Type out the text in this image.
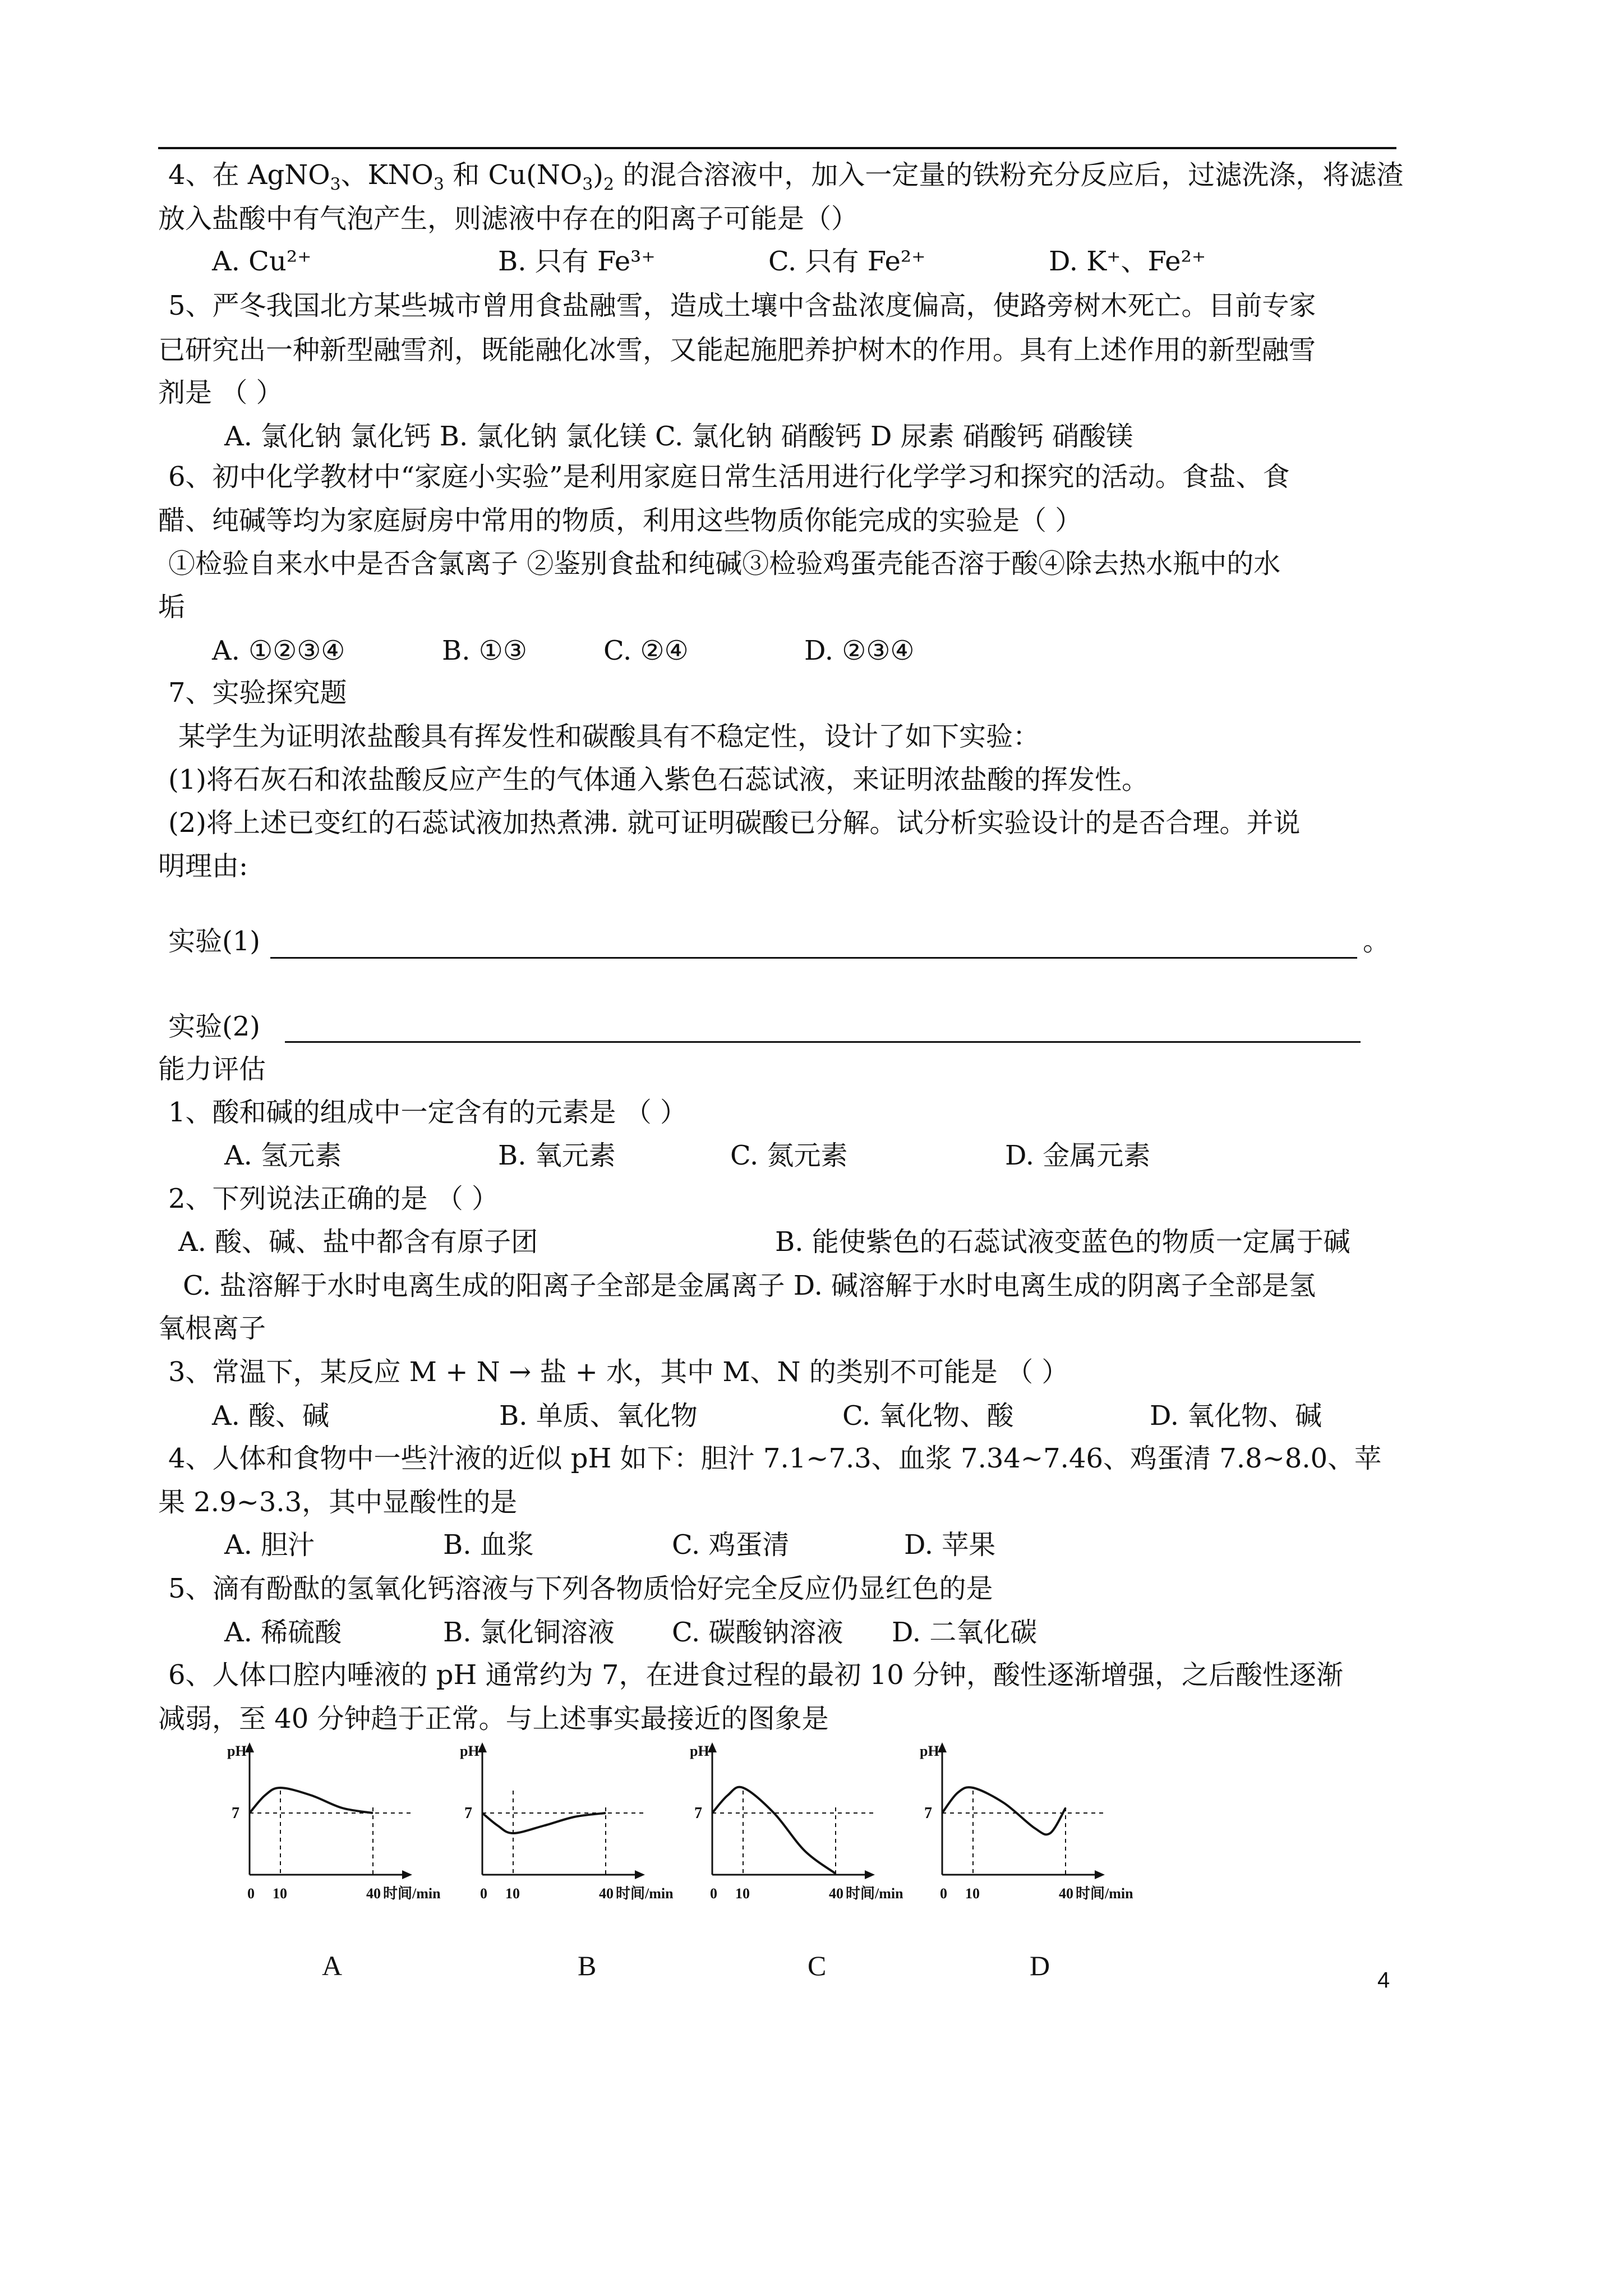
4、在 AgNO$_3$、$KNO_3$ 和 $Cu(NO_3)_2$ 的混合溶液中，加入一定量的铁粉充分反应后，过滤洗涤，将滤渣
放入盐酸中有气泡产生，则滤液中存在的阳离子可能是（）
A. Cu²⁺	B. 只有 Fe³⁺	C. 只有 Fe²⁺	D. K⁺、Fe²⁺
5、严冬我国北方某些城市曾用食盐融雪，造成土壤中含盐浓度偏高，使路旁树木死亡。目前专家
已研究出一种新型融雪剂，既能融化冰雪，又能起施肥养护树木的作用。具有上述作用的新型融雪
剂是 （ ）
A. 氯化钠 氯化钙 B. 氯化钠 氯化镁 C. 氯化钠 硝酸钙 D 尿素 硝酸钙 硝酸镁
6、初中化学教材中“家庭小实验”是利用家庭日常生活用进行化学学习和探究的活动。食盐、食
醋、纯碱等均为家庭厨房中常用的物质，利用这些物质你能完成的实验是（ ）
①检验自来水中是否含氯离子 ②鉴别食盐和纯碱③检验鸡蛋壳能否溶于酸④除去热水瓶中的水
垢
A. ①②③④	B. ①③	C. ②④	D. ②③④
7、实验探究题
某学生为证明浓盐酸具有挥发性和碳酸具有不稳定性，设计了如下实验：
(1)将石灰石和浓盐酸反应产生的气体通入紫色石蕊试液，来证明浓盐酸的挥发性。
(2)将上述已变红的石蕊试液加热煮沸. 就可证明碳酸已分解。试分析实验设计的是否合理。并说
明理由:
实验(1)	。
实验(2)
能力评估
1、酸和碱的组成中一定含有的元素是 （ ）
A. 氢元素	B. 氧元素	C. 氮元素	D. 金属元素
2、下列说法正确的是 （ ）
A. 酸、碱、盐中都含有原子团	B. 能使紫色的石蕊试液变蓝色的物质一定属于碱
C. 盐溶解于水时电离生成的阳离子全部是金属离子 D. 碱溶解于水时电离生成的阴离子全部是氢
氧根离子
3、常温下，某反应 M + N → 盐 + 水，其中 M、N 的类别不可能是 （ ）
A. 酸、碱	B. 单质、氧化物	C. 氧化物、酸	D. 氧化物、碱
4、人体和食物中一些汁液的近似 pH 如下：胆汁 7.1~7.3、血浆 7.34~7.46、鸡蛋清 7.8~8.0、苹
果 2.9~3.3，其中显酸性的是
A. 胆汁	B. 血浆	C. 鸡蛋清	D. 苹果
5、滴有酚酞的氢氧化钙溶液与下列各物质恰好完全反应仍显红色的是
A. 稀硫酸	B. 氯化铜溶液 C. 碳酸钠溶液 D. 二氧化碳
6、人体口腔内唾液的 pH 通常约为 7，在进食过程的最初 10 分钟，酸性逐渐增强，之后酸性逐渐
减弱，至 40 分钟趋于正常。与上述事实最接近的图象是
pH
7
0 10	40 时间/min
A
pH
7
0 10	40 时间/min
B
pH
7
0 10	40 时间/min
C
pH
7
0 10	40 时间/min
D	4
